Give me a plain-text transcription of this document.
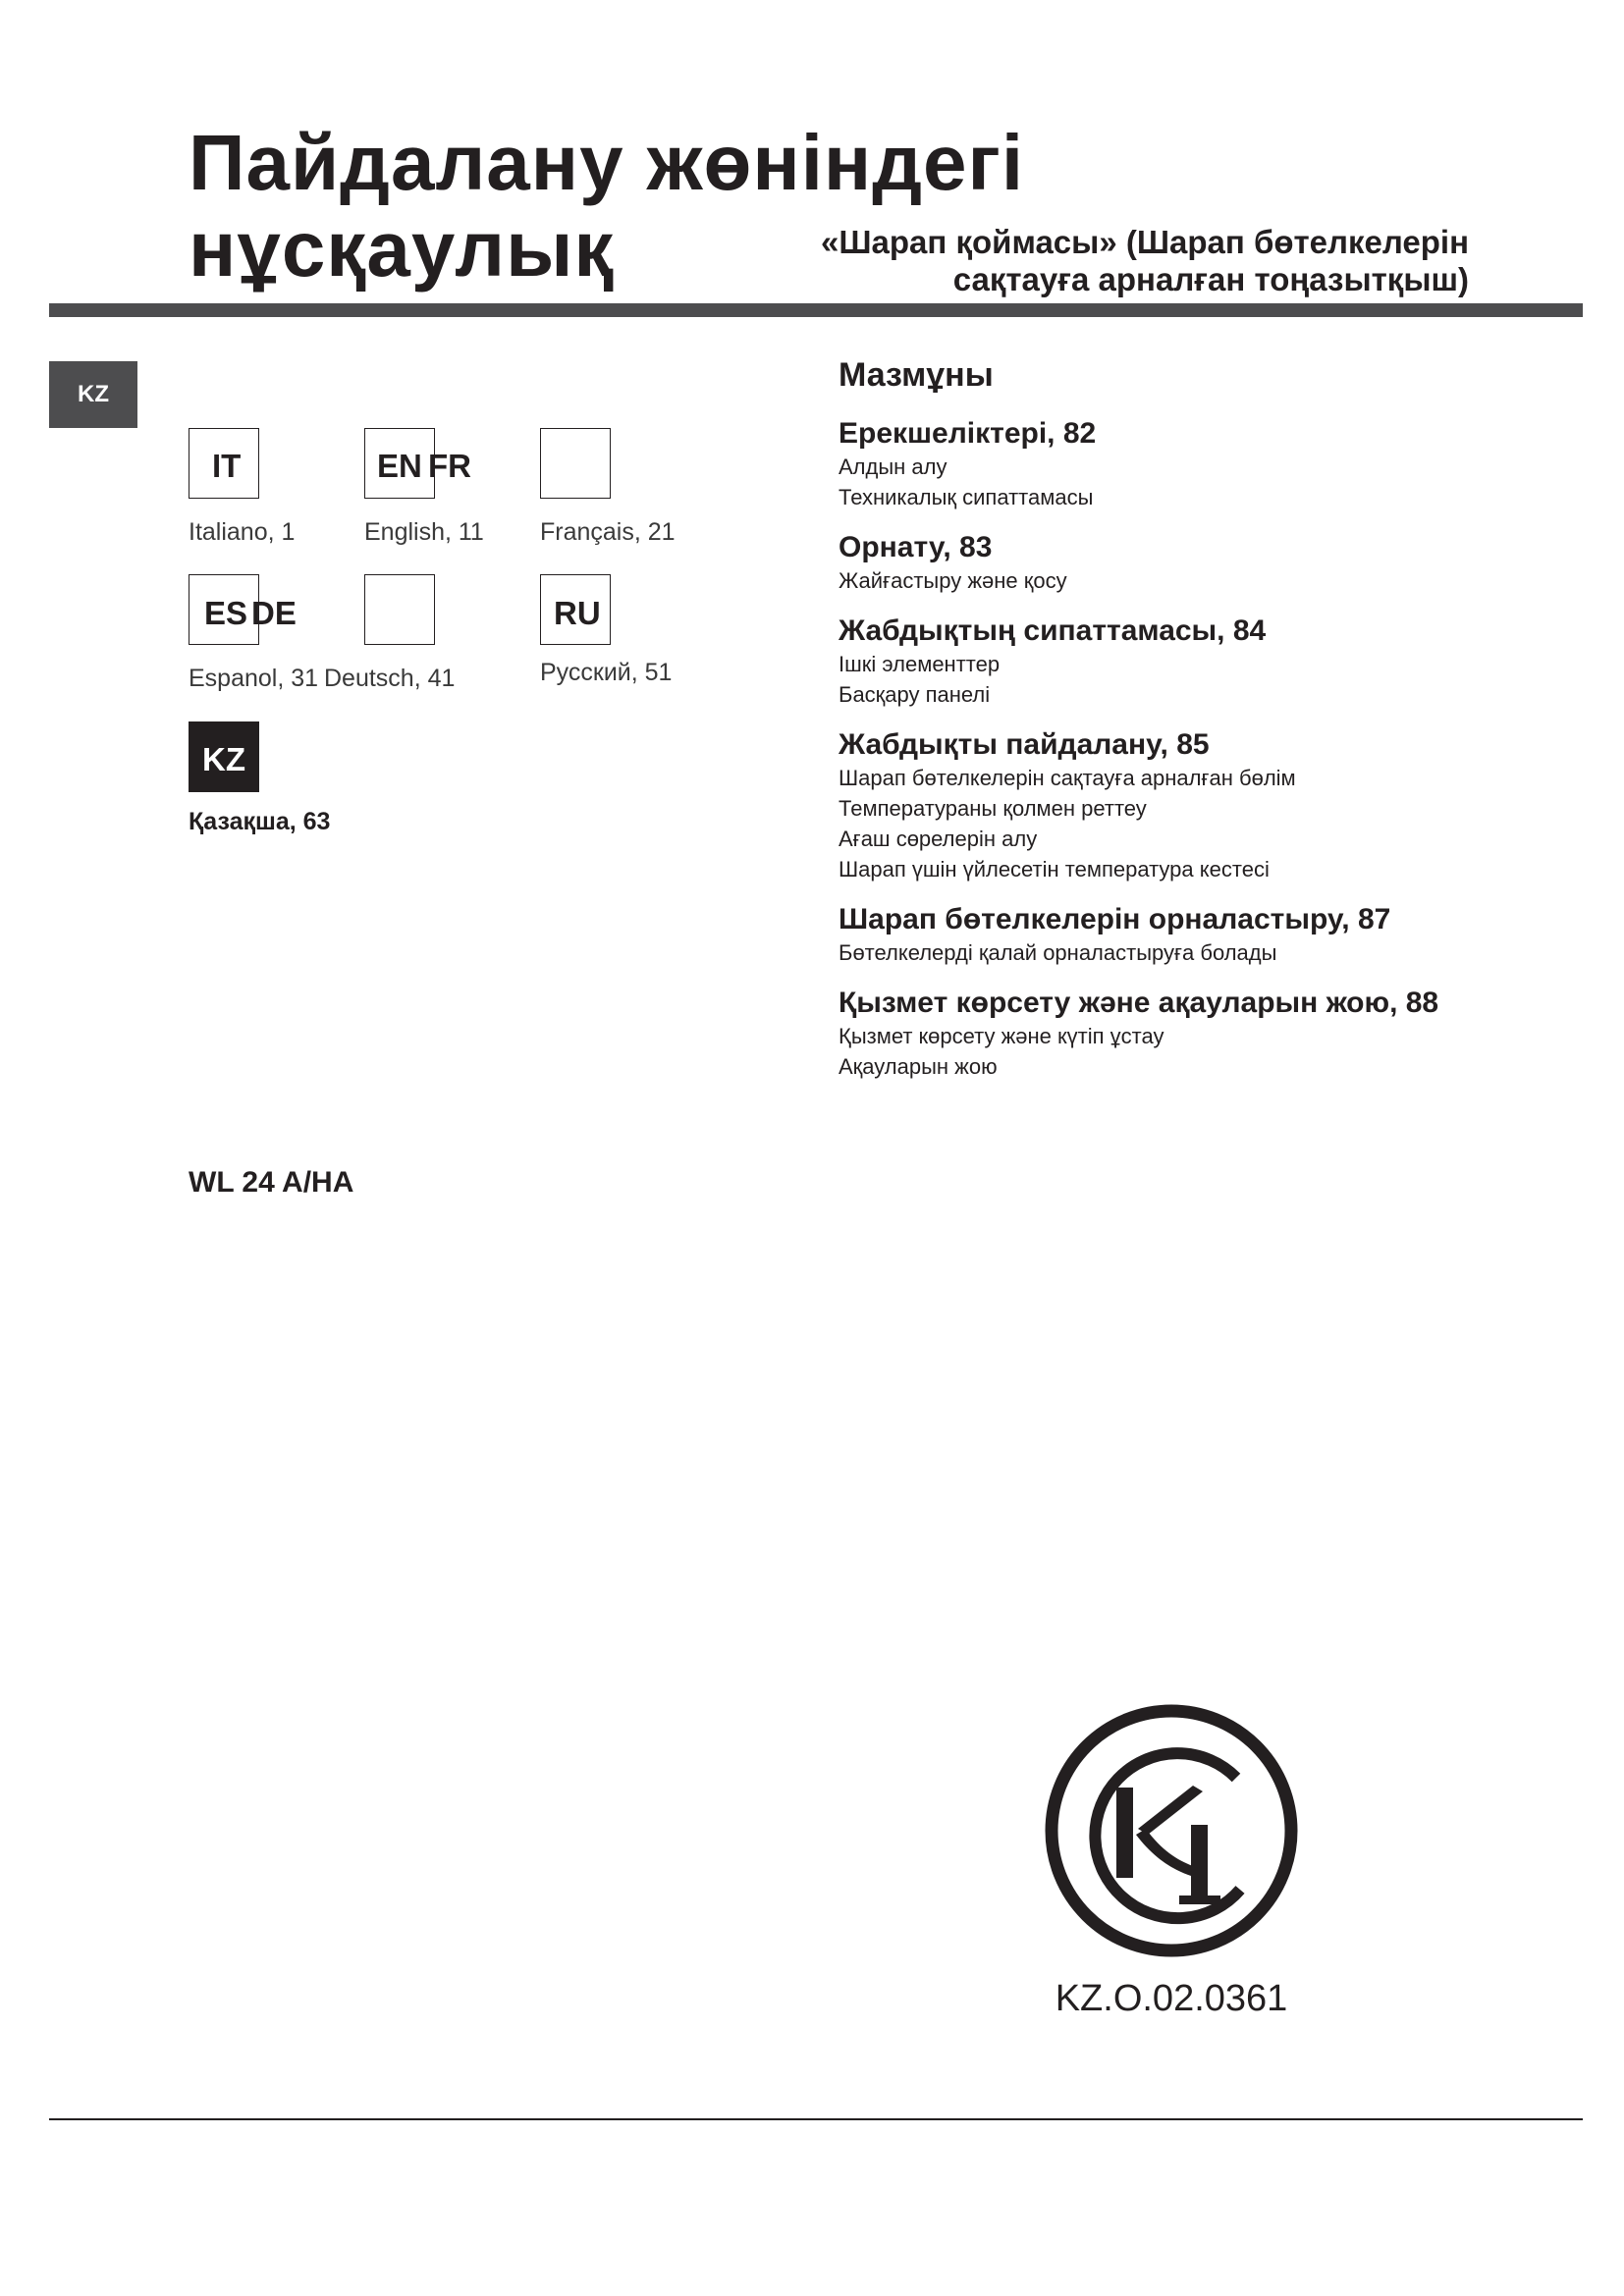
Пайдалану жөніндегі
нұсқаулық	«Шарап қоймасы» (Шарап бөтелкелерін
сақтауға арналған тоңазытқыш)
KZ
IT	EN FR
Italiano, 1	English, 11 Français, 21
ES DE	RU
Espanol, 31 Deutsch, 41	Русский, 51
KZ
Қазақша, 63
WL 24 A/HA
Мазмұны
Ерекшеліктері, 82
Алдын алу
Техникалық сипаттамасы
Орнату, 83
Жайғастыру және қосу
Жабдықтың сипаттамасы, 84
Ішкі элементтер
Басқару панелі
Жабдықты пайдалану, 85
Шарап бөтелкелерін сақтауға арналған бөлім
Температураны қолмен реттеу
Ағаш сөрелерін алу
Шарап үшін үйлесетін температура кестесі
Шарап бөтелкелерін орналастыру, 87
Бөтелкелерді қалай орналастыруға болады
Қызмет көрсету және ақауларын жою, 88
Қызмет көрсету және күтіп ұстау
Ақауларын жою
KZ.O.02.0361
